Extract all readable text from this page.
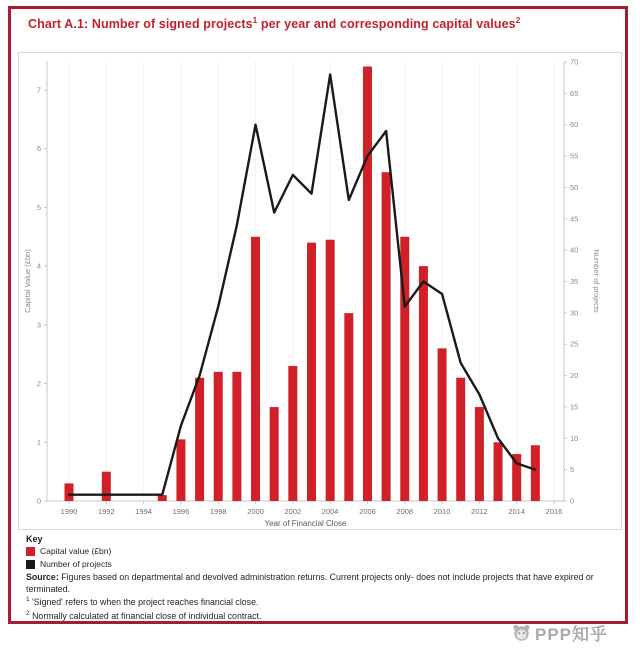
Chart A.1: Number of signed projects$^1$ per year and corresponding capital values$^2$
0
1
2
3
4
5
6
7
0
5
10
15
20
25
30
35
40
45
50
55
60
65
70
1990	1992	1994	1996	1998	2000	2002	2004	2006	2008	2010	2012	2014	2016
Capital Value (£bn)	Number of projects
Year of Financial Close
Key
Capital value (£bn)
Number of projects
Source: Figures based on departmental and devolved administration returns. Current projects only- does not include projects that have expired or terminated.
$^1$ 'Signed' refers to when the project reaches financial close.
$^2$ Normally calculated at financial close of individual contract.
PPP知乎
